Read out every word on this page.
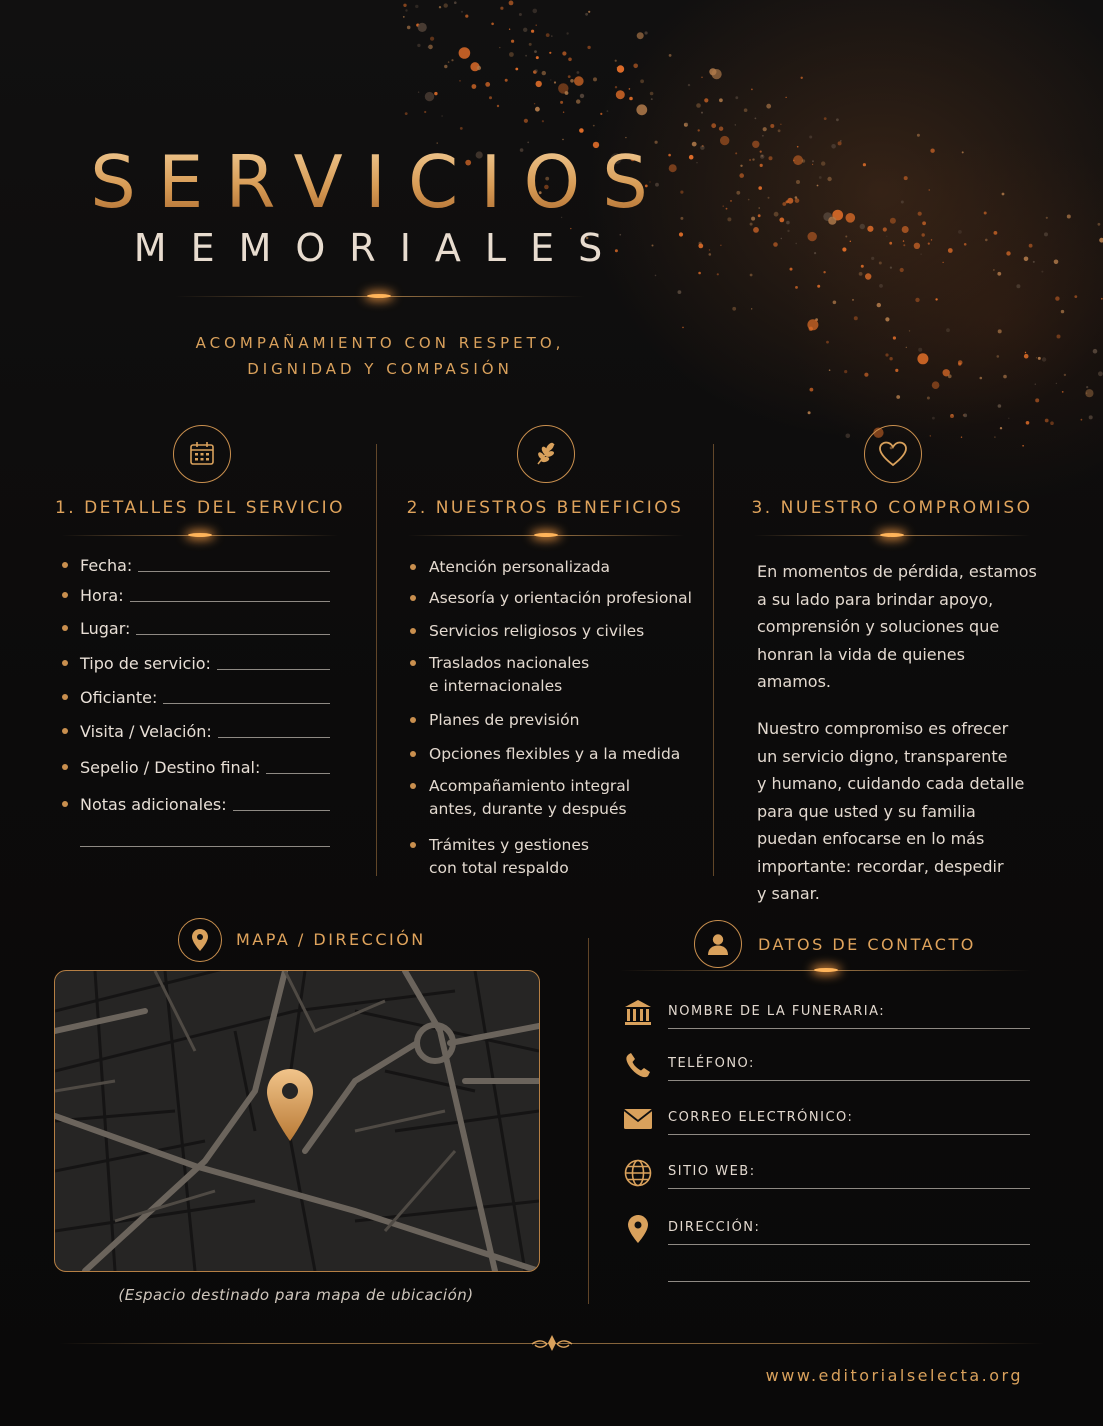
SERVICIOS
MEMORIALES
ACOMPAÑAMIENTO CON RESPETO,
DIGNIDAD Y COMPASIÓN
1. DETALLES DEL SERVICIO
Fecha:
Hora:
Lugar:
Tipo de servicio:
Oficiante:
Visita / Velación:
Sepelio / Destino final:
Notas adicionales:
2. NUESTROS BENEFICIOS
Atención personalizada
Asesoría y orientación profesional
Servicios religiosos y civiles
Traslados nacionales
e internacionales
Planes de previsión
Opciones flexibles y a la medida
Acompañamiento integral
antes, durante y después
Trámites y gestiones
con total respaldo
3. NUESTRO COMPROMISO
En momentos de pérdida, estamos
a su lado para brindar apoyo,
comprensión y soluciones que
honran la vida de quienes
amamos.
Nuestro compromiso es ofrecer
un servicio digno, transparente
y humano, cuidando cada detalle
para que usted y su familia
puedan enfocarse en lo más
importante: recordar, despedir
y sanar.
MAPA / DIRECCIÓN
(Espacio destinado para mapa de ubicación)
DATOS DE CONTACTO
NOMBRE DE LA FUNERARIA:
TELÉFONO:
CORREO ELECTRÓNICO:
SITIO WEB:
DIRECCIÓN:
www.editorialselecta.org
